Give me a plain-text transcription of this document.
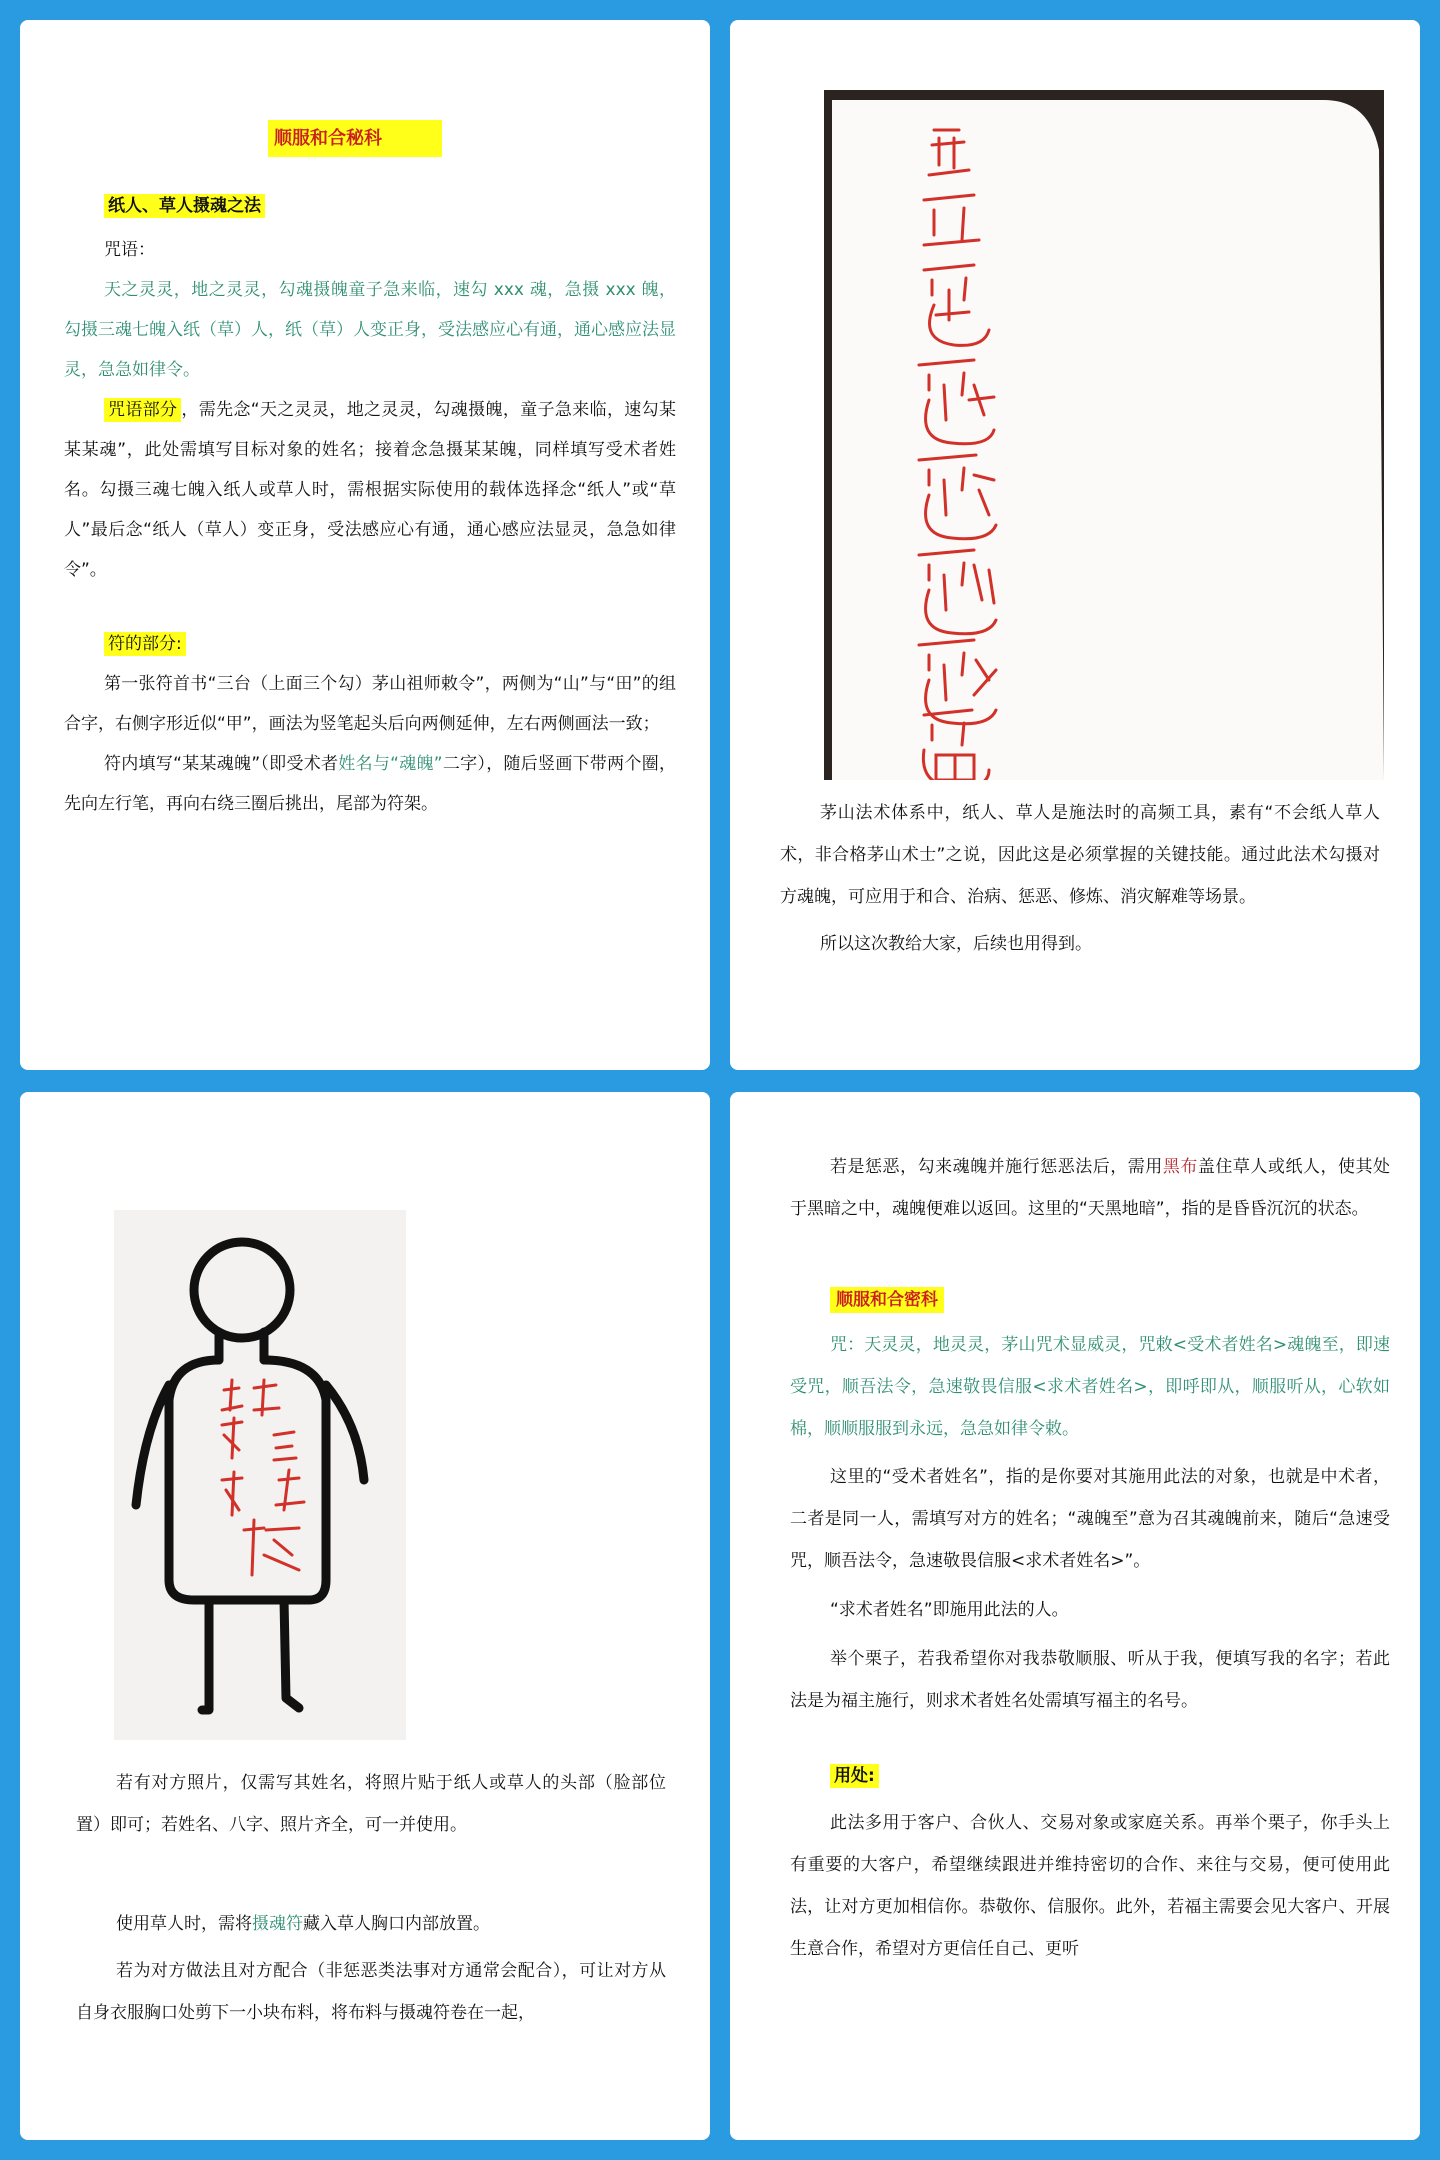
顺服和合秘科

纸人、草人摄魂之法

咒语：

天之灵灵，地之灵灵，勾魂摄魄童子急来临，速勾 xxx 魂，急摄 xxx 魄，勾摄三魂七魄入纸（草）人，纸（草）人变正身，受法感应心有通，通心感应法显灵，急急如律令。

咒语部分 ，需先念“天之灵灵，地之灵灵，勾魂摄魄，童子急来临，速勾某某某魂”，此处需填写目标对象的姓名；接着念急摄某某魄，同样填写受术者姓名。勾摄三魂七魄入纸人或草人时，需根据实际使用的载体选择念“纸人”或“草人”最后念“纸人（草人）变正身，受法感应心有通，通心感应法显灵，急急如律令”。

符的部分:

第一张符首书“三台（上面三个勾）茅山祖师敕令”，两侧为“山”与“田”的组合字，右侧字形近似“甲”，画法为竖笔起头后向两侧延伸，左右两侧画法一致；

符内填写“某某魂魄”（即受术者姓名与“魂魄”二字），随后竖画下带两个圈，先向左行笔，再向右绕三圈后挑出，尾部为符架。	茅山法术体系中，纸人、草人是施法时的高频工具，素有“不会纸人草人术，非合格茅山术士”之说，因此这是必须掌握的关键技能。通过此法术勾摄对方魂魄，可应用于和合、治病、惩恶、修炼、消灾解难等场景。

所以这次教给大家，后续也用得到。

若有对方照片，仅需写其姓名，将照片贴于纸人或草人的头部（脸部位置）即可；若姓名、八字、照片齐全，可一并使用。

使用草人时，需将摄魂符藏入草人胸口内部放置。

若为对方做法且对方配合（非惩恶类法事对方通常会配合），可让对方从自身衣服胸口处剪下一小块布料，将布料与摄魂符卷在一起，

若是惩恶，勾来魂魄并施行惩恶法后，需用黑布盖住草人或纸人，使其处于黑暗之中，魂魄便难以返回。这里的“天黑地暗”，指的是昏昏沉沉的状态。

顺服和合密科

咒：天灵灵，地灵灵，茅山咒术显威灵，咒敕<受术者姓名>魂魄至，即速受咒，顺吾法令，急速敬畏信服<求术者姓名>，即呼即从，顺服听从，心软如棉，顺顺服服到永远，急急如律令敕。

这里的“受术者姓名”，指的是你要对其施用此法的对象，也就是中术者，二者是同一人，需填写对方的姓名；“魂魄至”意为召其魂魄前来，随后“急速受咒，顺吾法令，急速敬畏信服<求术者姓名>”。

“求术者姓名”即施用此法的人。

举个栗子，若我希望你对我恭敬顺服、听从于我，便填写我的名字；若此法是为福主施行，则求术者姓名处需填写福主的名号。

用处:

此法多用于客户、合伙人、交易对象或家庭关系。再举个栗子，你手头上有重要的大客户，希望继续跟进并维持密切的合作、来往与交易，便可使用此法，让对方更加相信你。恭敬你、信服你。此外，若福主需要会见大客户、开展生意合作，希望对方更信任自己、更听
